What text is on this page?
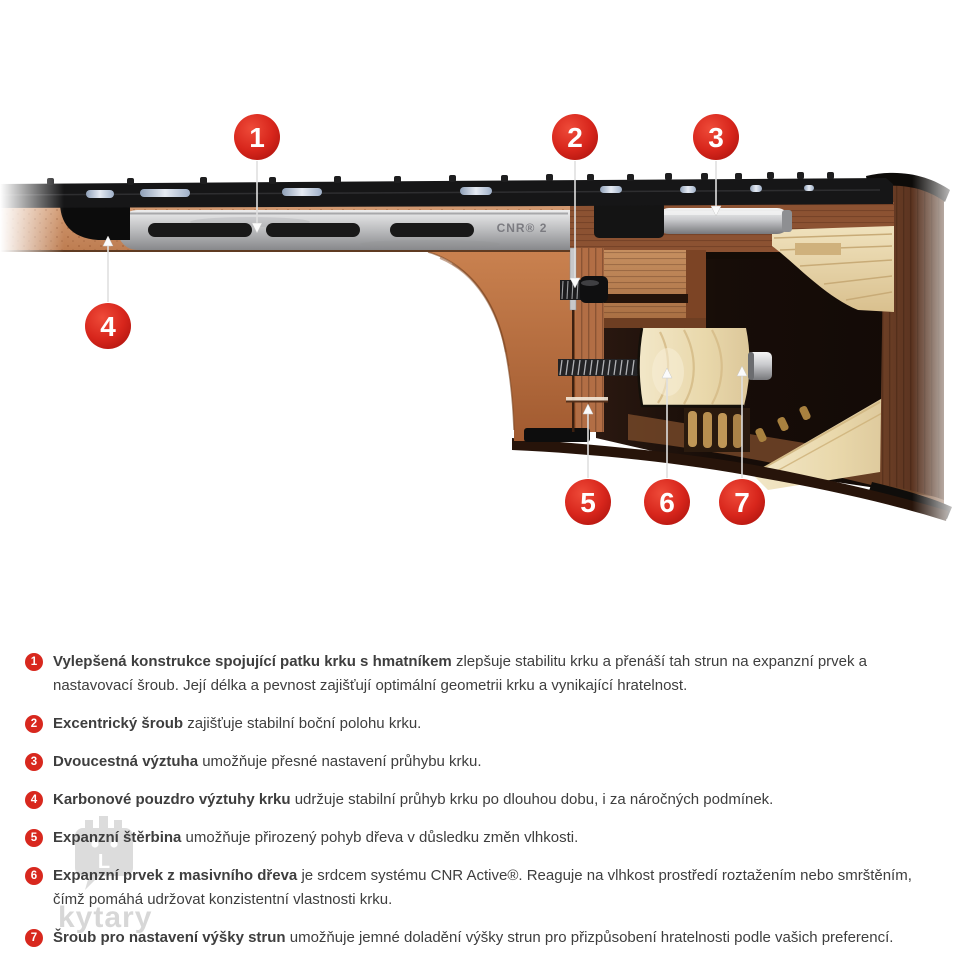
CNR® 2
1	2	3
4
5 6 7
L
kytary
1	Vylepšená konstrukce spojující patku krku s hmatníkem zlepšuje stabilitu krku a přenáší tah strun na expanzní prvek a nastavovací šroub. Její délka a pevnost zajišťují optimální geometrii krku a vynikající hratelnost.

2	Excentrický šroub zajišťuje stabilní boční polohu krku.

3	Dvoucestná výztuha umožňuje přesné nastavení průhybu krku.

4	Karbonové pouzdro výztuhy krku udržuje stabilní průhyb krku po dlouhou dobu, i za náročných podmínek.

5	Expanzní štěrbina umožňuje přirozený pohyb dřeva v důsledku změn vlhkosti.

6	Expanzní prvek z masivního dřeva je srdcem systému CNR Active®. Reaguje na vlhkost prostředí roztažením nebo smrštěním, čímž pomáhá udržovat konzistentní vlastnosti krku.

7	Šroub pro nastavení výšky strun umožňuje jemné doladění výšky strun pro přizpůsobení hratelnosti podle vašich preferencí.
